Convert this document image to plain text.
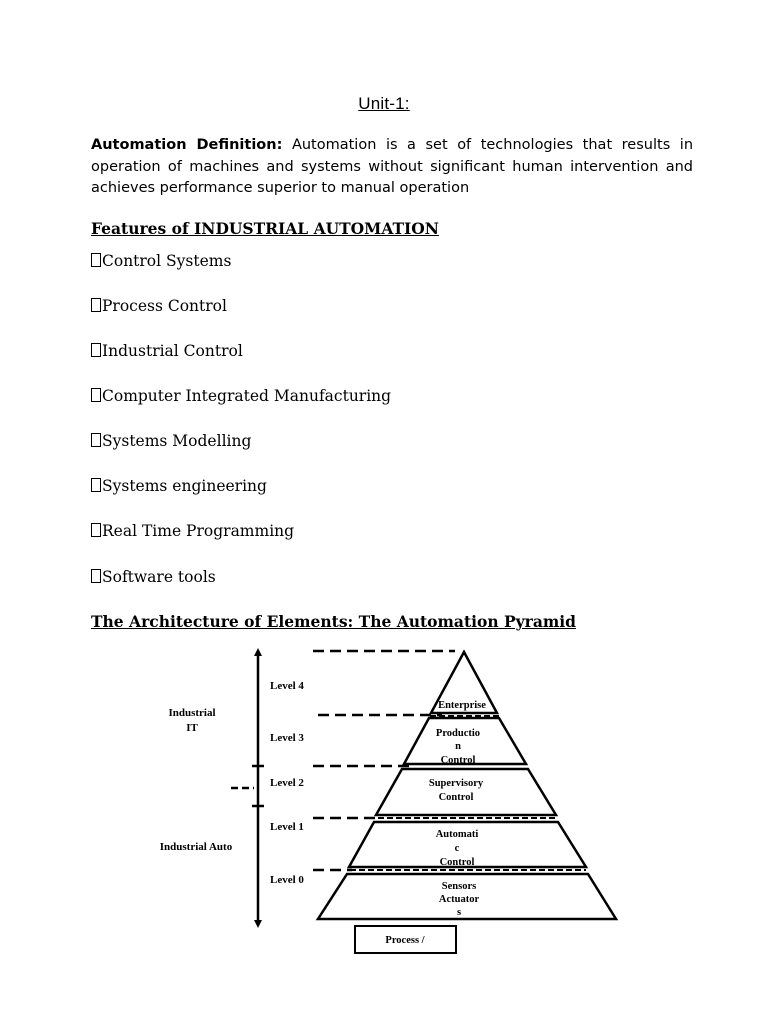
Unit-1:
Automation Definition: Automation is a set of technologies that results in operation of machines and systems without significant human intervention and achieves performance superior to manual operation
Features of INDUSTRIAL AUTOMATION
Control Systems
Process Control
Industrial Control
Computer Integrated Manufacturing
Systems Modelling
Systems engineering
Real Time Programming
Software tools
The Architecture of Elements: The Automation Pyramid
Industrial
IT
Industrial Auto
Level 4
Level 3
Level 2
Level 1
Level 0
Enterprise
Productio
n
Control
Supervisory
Control
Automati
c
Control
Sensors
Actuator
s
Process /
